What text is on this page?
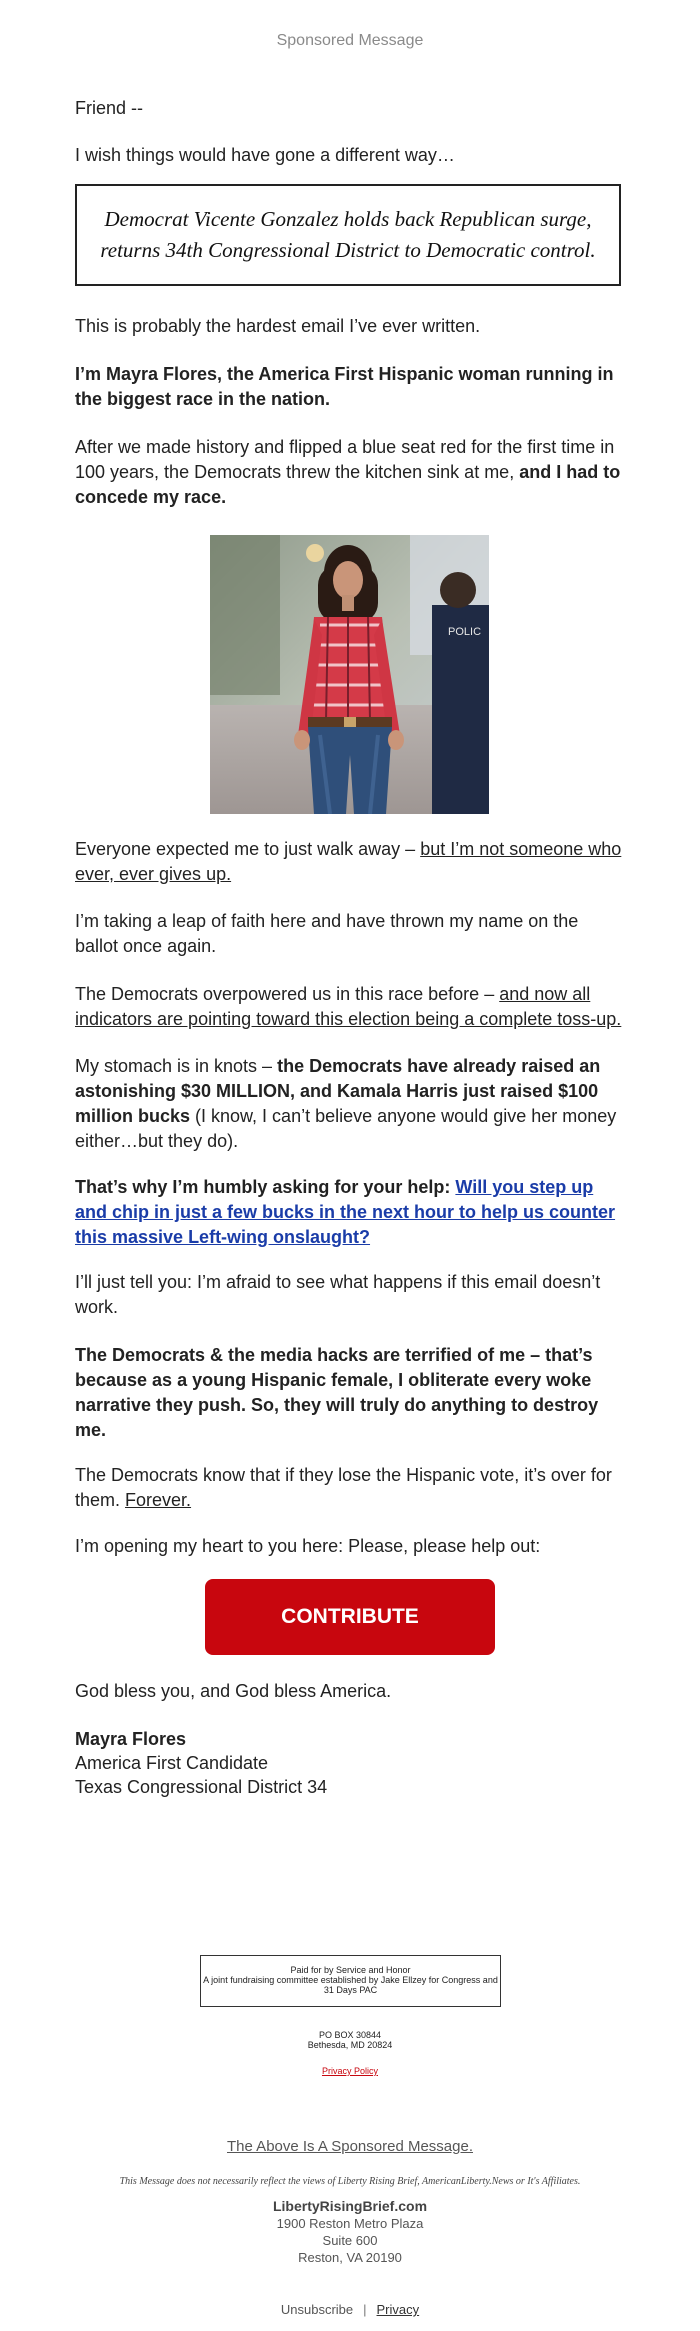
Sponsored Message

Friend --

I wish things would have gone a different way…

Democrat Vicente Gonzalez holds back Republican surge, returns 34th Congressional District to Democratic control.

This is probably the hardest email I’ve ever written.

I’m Mayra Flores, the America First Hispanic woman running in the biggest race in the nation.

After we made history and flipped a blue seat red for the first time in 100 years, the Democrats threw the kitchen sink at me, and I had to concede my race.

POLIC

Everyone expected me to just walk away – but I’m not someone who ever, ever gives up.

I’m taking a leap of faith here and have thrown my name on the ballot once again.

The Democrats overpowered us in this race before – and now all indicators are pointing toward this election being a complete toss-up.

My stomach is in knots – the Democrats have already raised an astonishing $30 MILLION, and Kamala Harris just raised $100 million bucks (I know, I can’t believe anyone would give her money either…but they do).

That’s why I’m humbly asking for your help: Will you step up and chip in just a few bucks in the next hour to help us counter this massive Left-wing onslaught?

I’ll just tell you: I’m afraid to see what happens if this email doesn’t work.

The Democrats & the media hacks are terrified of me – that’s because as a young Hispanic female, I obliterate every woke narrative they push. So, they will truly do anything to destroy me.

The Democrats know that if they lose the Hispanic vote, it’s over for them. Forever.

I’m opening my heart to you here: Please, please help out:

CONTRIBUTE

God bless you, and God bless America.

Mayra Flores
America First Candidate
Texas Congressional District 34
Paid for by Service and Honor
A joint fundraising committee established by Jake Ellzey for Congress and 31 Days PAC
PO BOX 30844
Bethesda, MD 20824
Privacy Policy
The Above Is A Sponsored Message.
This Message does not necessarily reflect the views of Liberty Rising Brief, AmericanLiberty.News or It's Affiliates.
LibertyRisingBrief.com
1900 Reston Metro Plaza
Suite 600
Reston, VA 20190
Unsubscribe | Privacy
